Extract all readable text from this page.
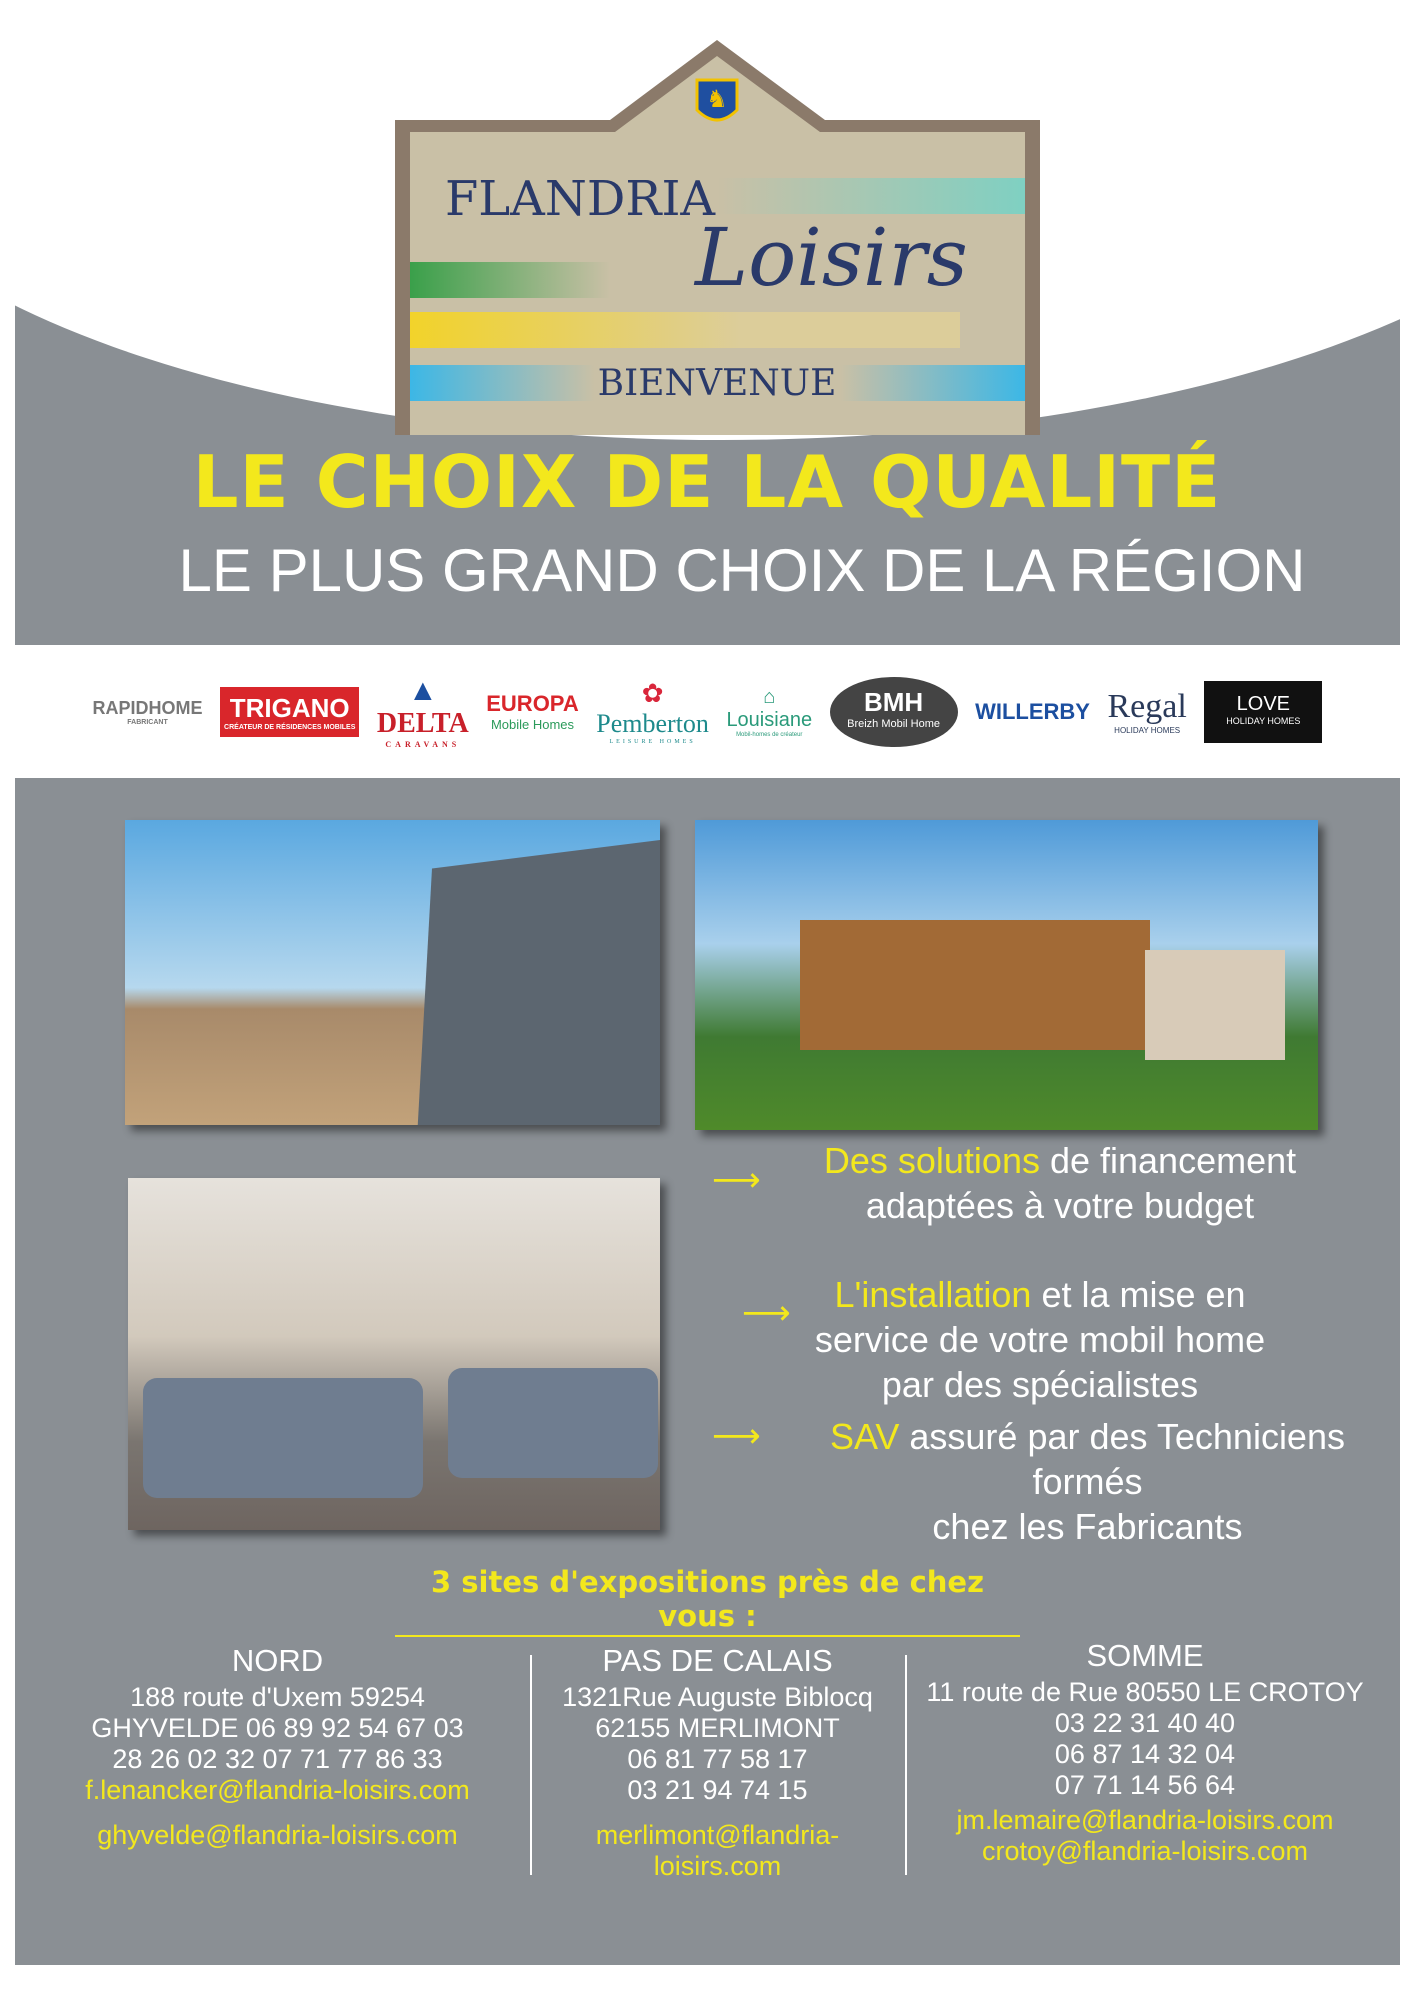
♞
FLANDRIA
Loisirs
BIENVENUE
LE CHOIX DE LA QUALITÉ
LE PLUS GRAND CHOIX DE LA RÉGION
RAPIDHOME
FABRICANT	TRIGANO
CRÉATEUR DE RÉSIDENCES MOBILES
▲
DELTA
CARAVANS
EUROPA
Mobile Homes
✿
Pemberton
LEISURE HOMES
⌂
Louisiane
Mobil-homes de créateur
BMH
Breizh Mobil Home	WILLERBY Regal
HOLIDAY HOMES
LOVE
HOLIDAY HOMES
⟶	Des solutions de financement
adaptées à votre budget
⟶	L'installation et la mise en
service de votre mobil home
par des spécialistes
⟶	SAV assuré par des Techniciens formés
chez les Fabricants
3 sites d'expositions près de chez vous :
NORD
188 route d'Uxem 59254
GHYVELDE 06 89 92 54 67 03
28 26 02 32 07 71 77 86 33
f.lenancker@flandria-loisirs.com
ghyvelde@flandria-loisirs.com
PAS DE CALAIS
1321Rue Auguste Biblocq
62155 MERLIMONT
06 81 77 58 17
03 21 94 74 15
merlimont@flandria-loisirs.com
SOMME
11 route de Rue 80550 LE CROTOY
03 22 31 40 40
06 87 14 32 04
07 71 14 56 64
jm.lemaire@flandria-loisirs.com
crotoy@flandria-loisirs.com
